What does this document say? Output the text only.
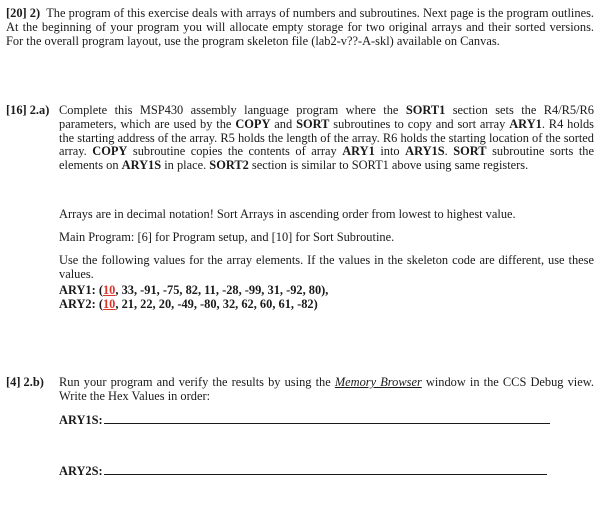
[20] 2) The program of this exercise deals with arrays of numbers and subroutines. Next page is the program outlines. At the beginning of your program you will allocate empty storage for two original arrays and their sorted versions. For the overall program layout, use the program skeleton file (lab2-v??-A-skl) available on Canvas.
[16] 2.a) Complete this MSP430 assembly language program where the SORT1 section sets the R4/R5/R6 parameters, which are used by the COPY and SORT subroutines to copy and sort array ARY1. R4 holds the starting address of the array. R5 holds the length of the array. R6 holds the starting location of the sorted array. COPY subroutine copies the contents of array ARY1 into ARY1S. SORT subroutine sorts the elements on ARY1S in place. SORT2 section is similar to SORT1 above using same registers.
Arrays are in decimal notation! Sort Arrays in ascending order from lowest to highest value.
Main Program: [6] for Program setup, and [10] for Sort Subroutine.
Use the following values for the array elements. If the values in the skeleton code are different, use these values.
ARY1: (10, 33, -91, -75, 82, 11, -28, -99, 31, -92, 80),
ARY2: (10, 21, 22, 20, -49, -80, 32, 62, 60, 61, -82)
[4] 2.b) Run your program and verify the results by using the Memory Browser window in the CCS Debug view. Write the Hex Values in order:
ARY1S:
ARY2S:
